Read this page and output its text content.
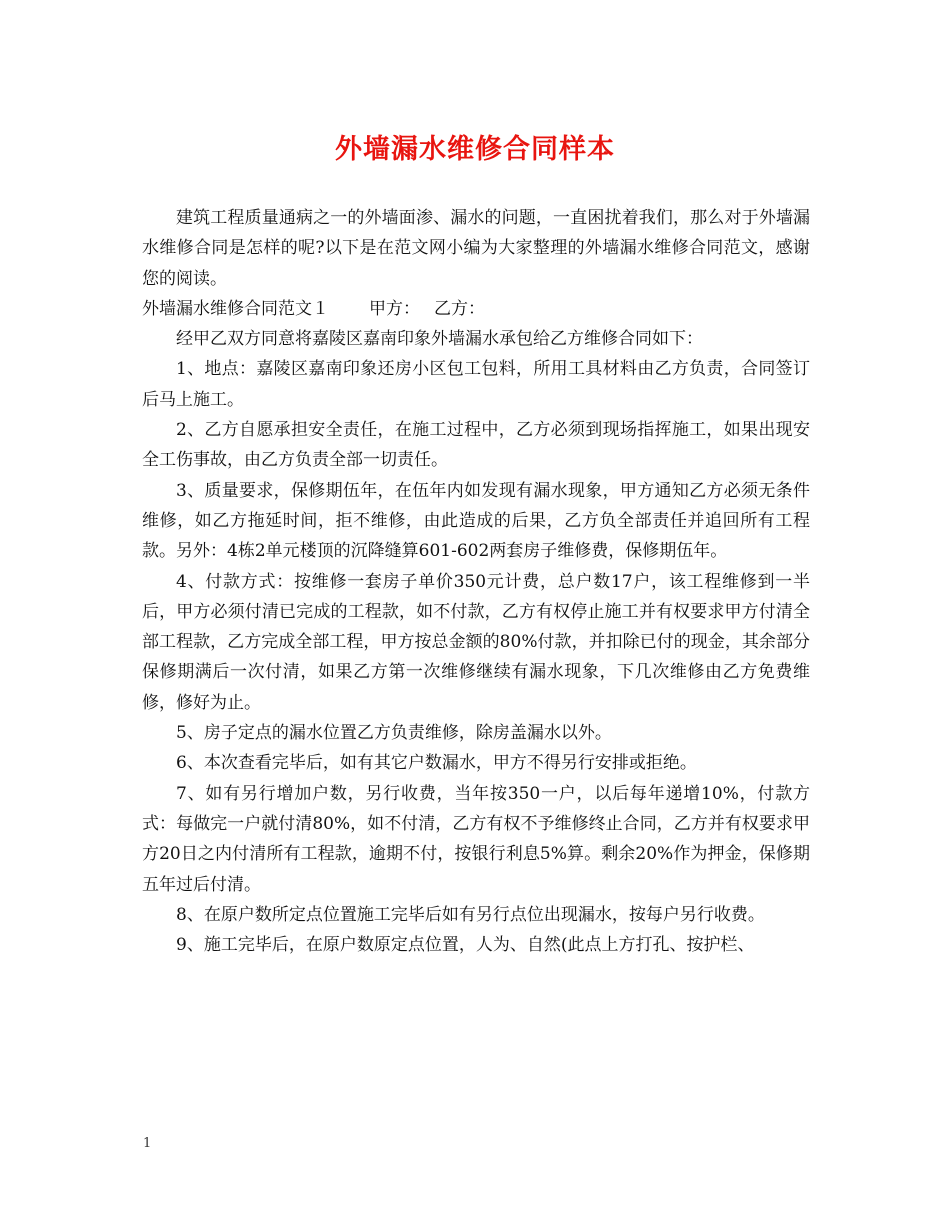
外墙漏水维修合同样本

建筑工程质量通病之一的外墙面渗、漏水的问题，一直困扰着我们，那么对于外墙漏水维修合同是怎样的呢?以下是在范文网小编为大家整理的外墙漏水维修合同范文，感谢您的阅读。

外墙漏水维修合同范文１ 甲方： 乙方：

经甲乙双方同意将嘉陵区嘉南印象外墙漏水承包给乙方维修合同如下：

1、地点：嘉陵区嘉南印象还房小区包工包料，所用工具材料由乙方负责，合同签订后马上施工。

2、乙方自愿承担安全责任，在施工过程中，乙方必须到现场指挥施工，如果出现安全工伤事故，由乙方负责全部一切责任。

3、质量要求，保修期伍年，在伍年内如发现有漏水现象，甲方通知乙方必须无条件维修，如乙方拖延时间，拒不维修，由此造成的后果，乙方负全部责任并追回所有工程款。另外：4栋2单元楼顶的沉降缝算601-602两套房子维修费，保修期伍年。

4、付款方式：按维修一套房子单价350元计费，总户数17户，该工程维修到一半后，甲方必须付清已完成的工程款，如不付款，乙方有权停止施工并有权要求甲方付清全部工程款，乙方完成全部工程，甲方按总金额的80%付款，并扣除已付的现金，其余部分保修期满后一次付清，如果乙方第一次维修继续有漏水现象，下几次维修由乙方免费维修，修好为止。

5、房子定点的漏水位置乙方负责维修，除房盖漏水以外。

6、本次查看完毕后，如有其它户数漏水，甲方不得另行安排或拒绝。

7、如有另行增加户数，另行收费，当年按350一户，以后每年递增10%，付款方式：每做完一户就付清80%，如不付清，乙方有权不予维修终止合同，乙方并有权要求甲方20日之内付清所有工程款，逾期不付，按银行利息5%算。剩余20%作为押金，保修期五年过后付清。

8、在原户数所定点位置施工完毕后如有另行点位出现漏水，按每户另行收费。

9、施工完毕后，在原户数原定点位置，人为、自然(此点上方打孔、按护栏、

1
